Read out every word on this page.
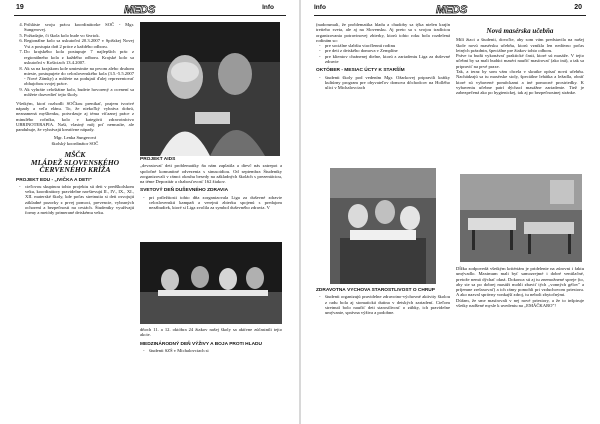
19	M E D S	Info
4. Prihláste svoju prácu koordinátorke SOČ - Mgr. Sungerovej.
5. Požiadajte, či škola kolo bude vo štvrtok.
6. Regionálne kolo sa uskutoční 20.3.2007 v Spišskej Novej Vsi a postupia doň 2 práce z každého odboru.
7. Do krajského kola postupuje 7 najlepších prác z regionálneho kola z každého odboru. Krajské kolo sa uskutoční v Košiciach 13.4.2007.
8. Ak sa na krajskom kole umiestnite na prvom alebo druhom mieste, postupujete do celoslovenského kola (3.5.-5.5.2007 - Nové Zámky) a môžete na podujatí ďalej reprezentovať obhajobou svojej práce.
9. Ak vyhráte celoštátne kolo, budete hovorený a ocenení sa môžete dozvedieť tejto školy.

Všetkým, ktorí rozhodli SOČkou prenikať, prajem tvorivé nápady a veľa elánu. To, že niekoľký vyhráva dobrú, neznamená myšlienku, potvrdzuje aj téma víťaznej práce z minulého ročníka, kolo v kategórii zdravotníctvo UBRINOTERAPIA. Naši, vlastný môj pri' nemusíte, ale panduhuje, že vyhrávajú kreatívne nápady.

Mgr. Lenka Sungerová
školský koordinátor SOČ
MŠČK
MLÁDEŽ SLOVENSKÉHO
ČERVENÉHO KRÍŽA
PROJEKT EDU - „IVIČKA A DETI"
- cieľovou skupinou tohto projektu sú deti v predškolskom veku, koordinátory pravidelne navštevujú II., IV., IX., XI., XII. materské školy, kde počas stretnutia si deti osvojujú základné pozorky z prvej pomoci, prevencie, vybraných ochorení a bezpečnosti na cestách. Študentky využívajú formy a metódy primerané detskému veku.
PROJEKT AIDS

„devastovat' deti problematiky ňa nám zaplatila a dievč nás zatrepot a spoločné komunitné odvezenia s sinusoidiou. Od septembra Študentky zorganizovali v rámci okruhu besedy na základných školách s prezentáciou, na téme Depozitár a chabosťovosť 162 žiakov.

SVETOVÝ DEŇ DUŠEVNÉHO ZDRAVIA
- pri príležitosti tohto dňa zorganizovala Liga za duševné zdravie celoslovenskú kampaň a verejnú zbierku spojenú s predajom nezábudiek, ktoré si Liga zvolila za symbol duševného zdravia. V

dňoch 11. a 12. októbra 24 žiakov našej školy sa aktívne zúčastnili tejto akcie.

MEDZINÁRODNÝ DEŇ VÝŽIVY A BOJA PROTI HLADU
- študenti SZŠ v Michalovciach si
Info	M E D S	20

(nadorumali, že problematika hladu a chudoby sa týka nielen krajín tretieho sveta, ale aj na Slovensku. Aj preto sa s svojou tradíciou organizovania potravinovej zbierky, ktorú tohto roku bola rozdelená rodinám so:

- pre sociálne slabšiu viacčlennú rodinu
- pre deti z detského domova v Zemplíne
- pre klientov chránenej dielne, ktorú z zariadeniu Liga za duševné zdravie
OKTÓBER - MESIAC ÚCTY K STARŠÍM
- študenti školy pod vedením Mgr. Ožarkovej pripravili krátky kultúrny program pre obyvateľov domova dôchodcov na Hollého ulici v Michalovciach
ZDRAVOTNÁ VÝCHOVA STAROSTLIVOSŤ O CHRUP
- študenti organizujú pravidelne zdravotno-výchovné aktivity školou z radu bola aj stomatická dutina v detských zariadení. Cieľom stretnutí bolo naučiť deti starostlivosť o zúbky, ich pravidelne umývanie, správna výživa a podobne.
Nová masérska učebňa

Milí žiaci a študenti, dovoľte, aby som vám predstavila na našej škole novú masérsku učebňu, ktorú vznikla len nedávno počas letných prázdnin, špeciálne pre žiakov tohto odboru.

Práve tu budú vykonávať praktické časti, ktoré sú masáže. V tejto učebni by sa mali budúci maséri naučiť masírovať (ako iná), a tak sa pripraviť na prvé praxe.

Tak, a teraz by som vám chcela v skratke opísať novú učebňu. Nachádzajú sa tu masérske stoly, špeciálne lehátka a ležadla, obráť ktoré sú vybavené pomôckami a iné pomocné prostriedky. K vybaveniu učebne patrí dýchací masážne zariadenie. Tiež je zabezpečená ako po hygienickej, tak aj po bezpečnostnej stránke.

Dĺžka zodpovedá všetkým kritériám je pridelenie na zúrovni i faktu umývadlo. Maximum mali byť samozrejmé i dobré ventilačné, pretože nemá dýchať okná. Dokonca sú aj tu znemožnené spreje (to, aby ste sa po dobrej masáži mohli zbaviť tých „vonných gélov" a príjemne zrelaxovať) a ich rámy pomohli pri vzduchovom priestoru. A ako nazval správny vonkajší zdroj, tu neboli zbytočnými.

Dúfam, že sme masírovali v nej nové priestory, a že to inšpiruje všetky nadšené mysle k uvedeniu na „EMÁČKARO"!
